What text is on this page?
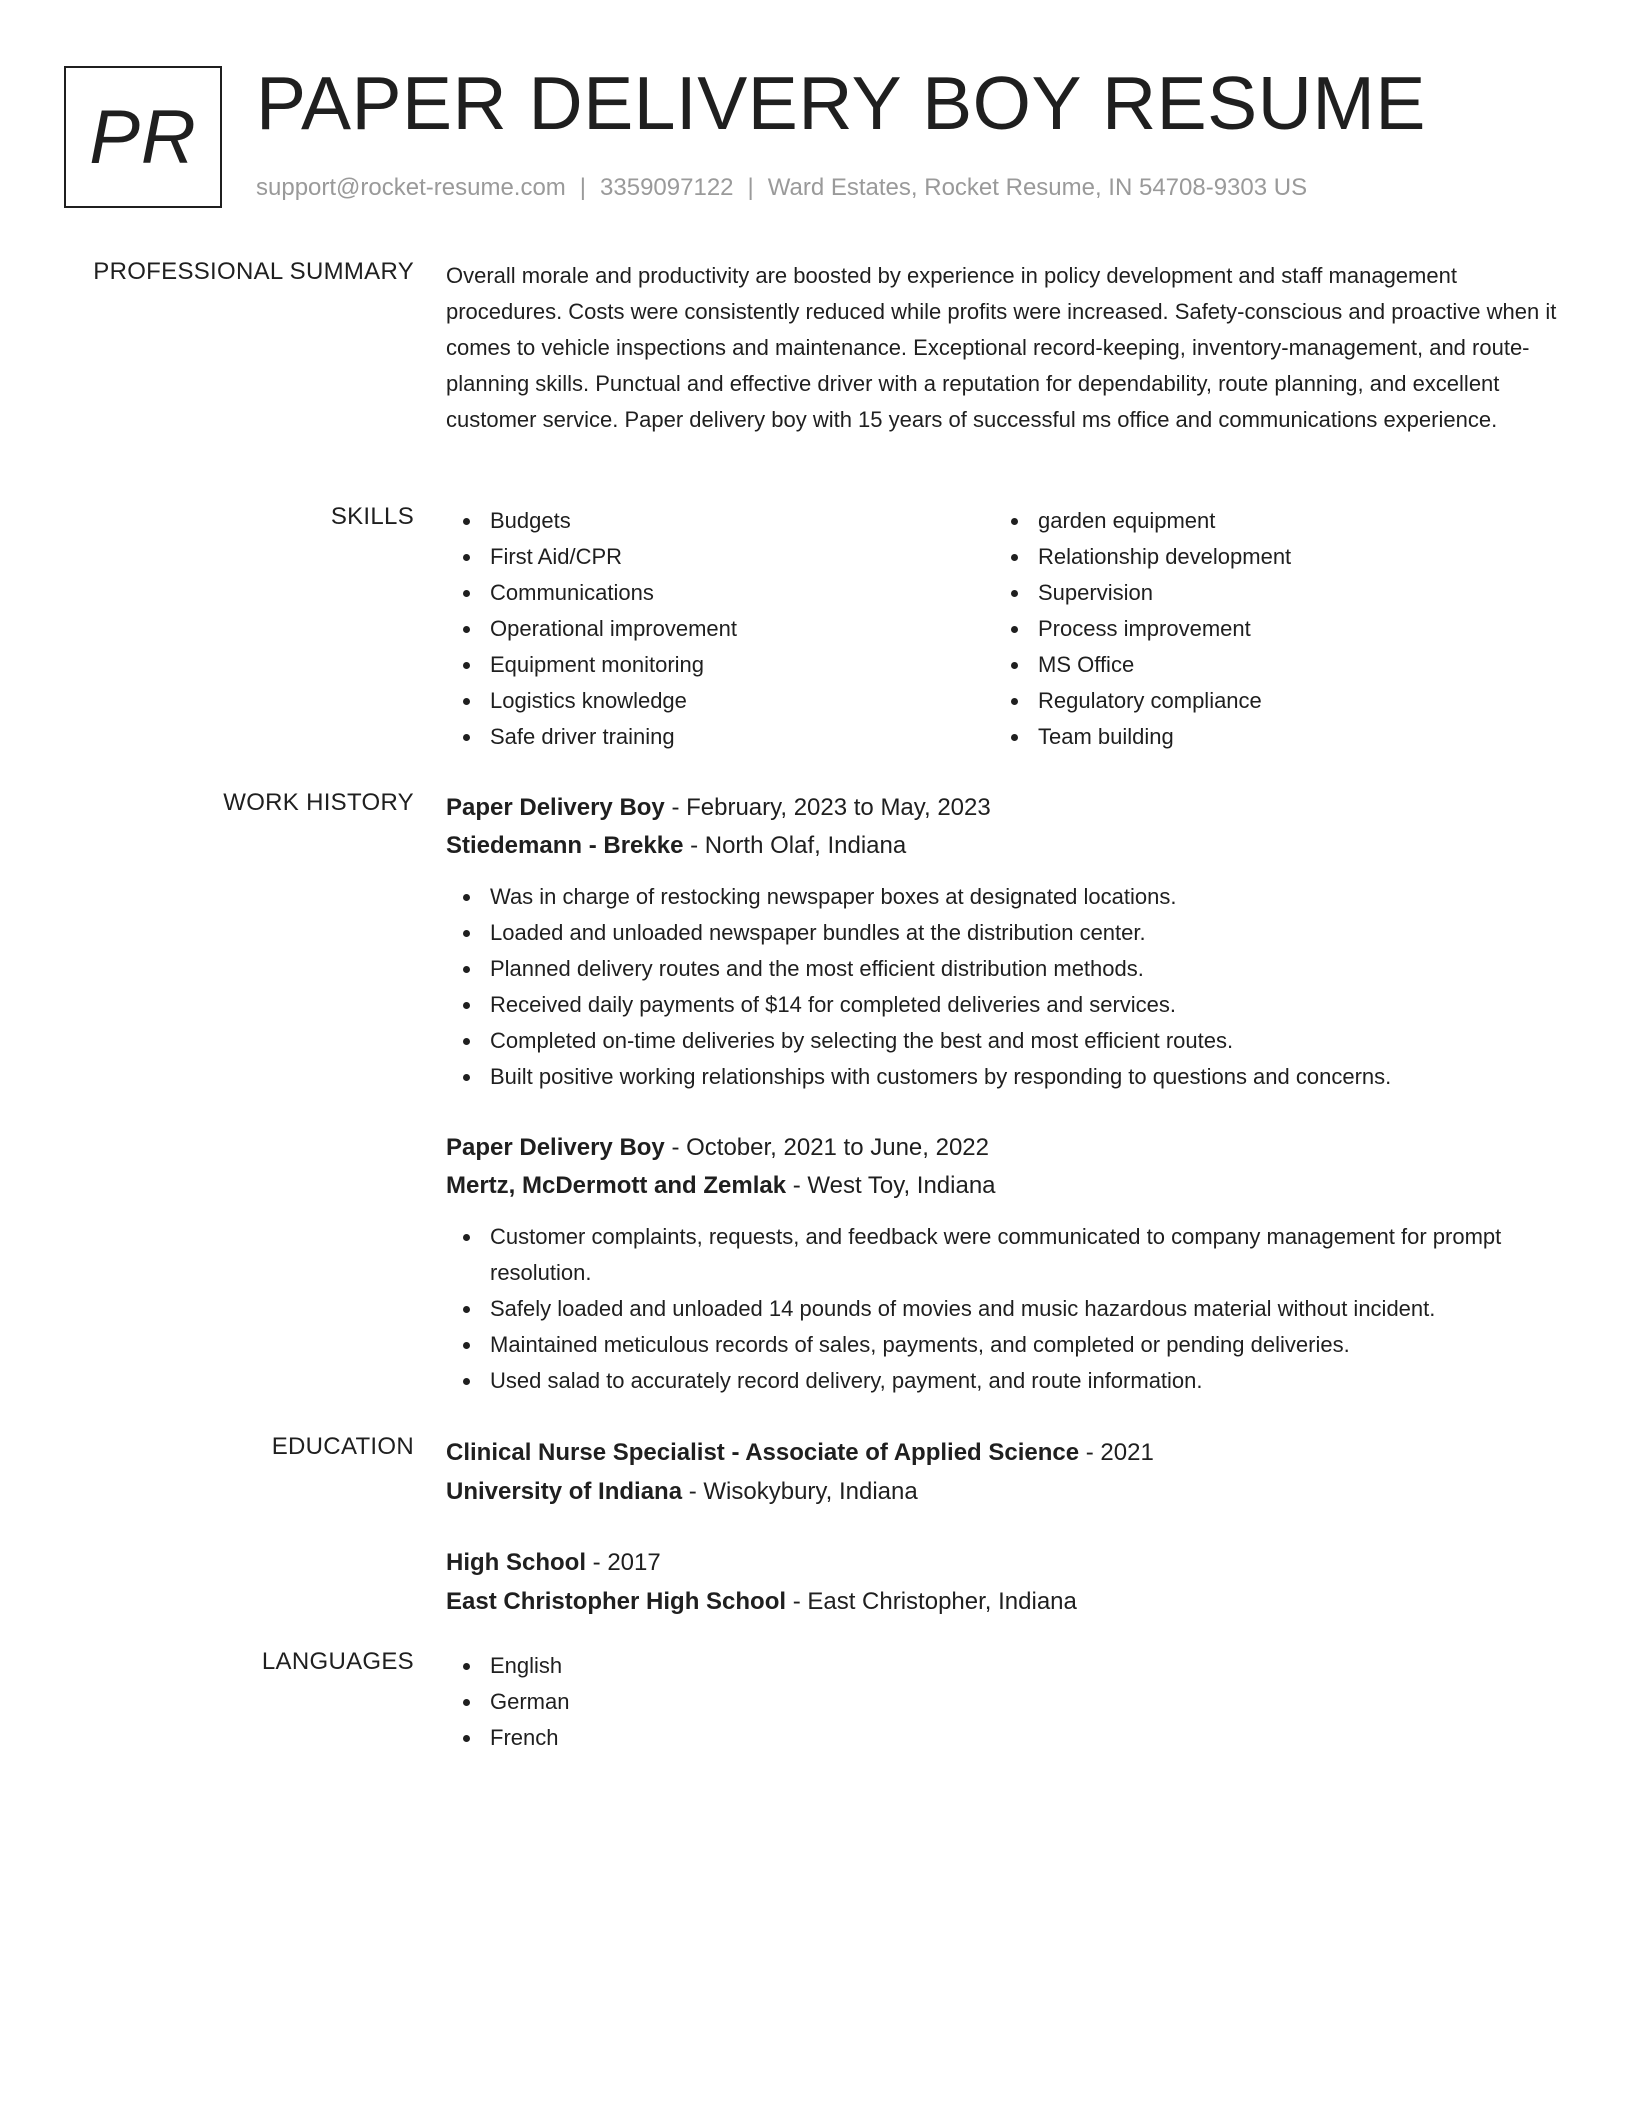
PR PAPER DELIVERY BOY RESUME
support@rocket-resume.com | 3359097122 | Ward Estates, Rocket Resume, IN 54708-9303 US
PROFESSIONAL SUMMARY Overall morale and productivity are boosted by experience in policy development and staff management procedures. Costs were consistently reduced while profits were increased. Safety-conscious and proactive when it comes to vehicle inspections and maintenance. Exceptional record-keeping, inventory-management, and route-planning skills. Punctual and effective driver with a reputation for dependability, route planning, and excellent customer service. Paper delivery boy with 15 years of successful ms office and communications experience.

SKILLS	Budgets
First Aid/CPR
Communications
Operational improvement
Equipment monitoring
Logistics knowledge
Safe driver training
garden equipment
Relationship development
Supervision
Process improvement
MS Office
Regulatory compliance
Team building
WORK HISTORY Paper Delivery Boy - February, 2023 to May, 2023
Stiedemann - Brekke - North Olaf, Indiana
Was in charge of restocking newspaper boxes at designated locations.
Loaded and unloaded newspaper bundles at the distribution center.
Planned delivery routes and the most efficient distribution methods.
Received daily payments of $14 for completed deliveries and services.
Completed on-time deliveries by selecting the best and most efficient routes.
Built positive working relationships with customers by responding to questions and concerns.
Paper Delivery Boy - October, 2021 to June, 2022
Mertz, McDermott and Zemlak - West Toy, Indiana
Customer complaints, requests, and feedback were communicated to company management for prompt resolution.
Safely loaded and unloaded 14 pounds of movies and music hazardous material without incident.
Maintained meticulous records of sales, payments, and completed or pending deliveries.
Used salad to accurately record delivery, payment, and route information.
EDUCATION Clinical Nurse Specialist - Associate of Applied Science - 2021
University of Indiana - Wisokybury, Indiana
High School - 2017
East Christopher High School - East Christopher, Indiana
LANGUAGES	English
German
French
